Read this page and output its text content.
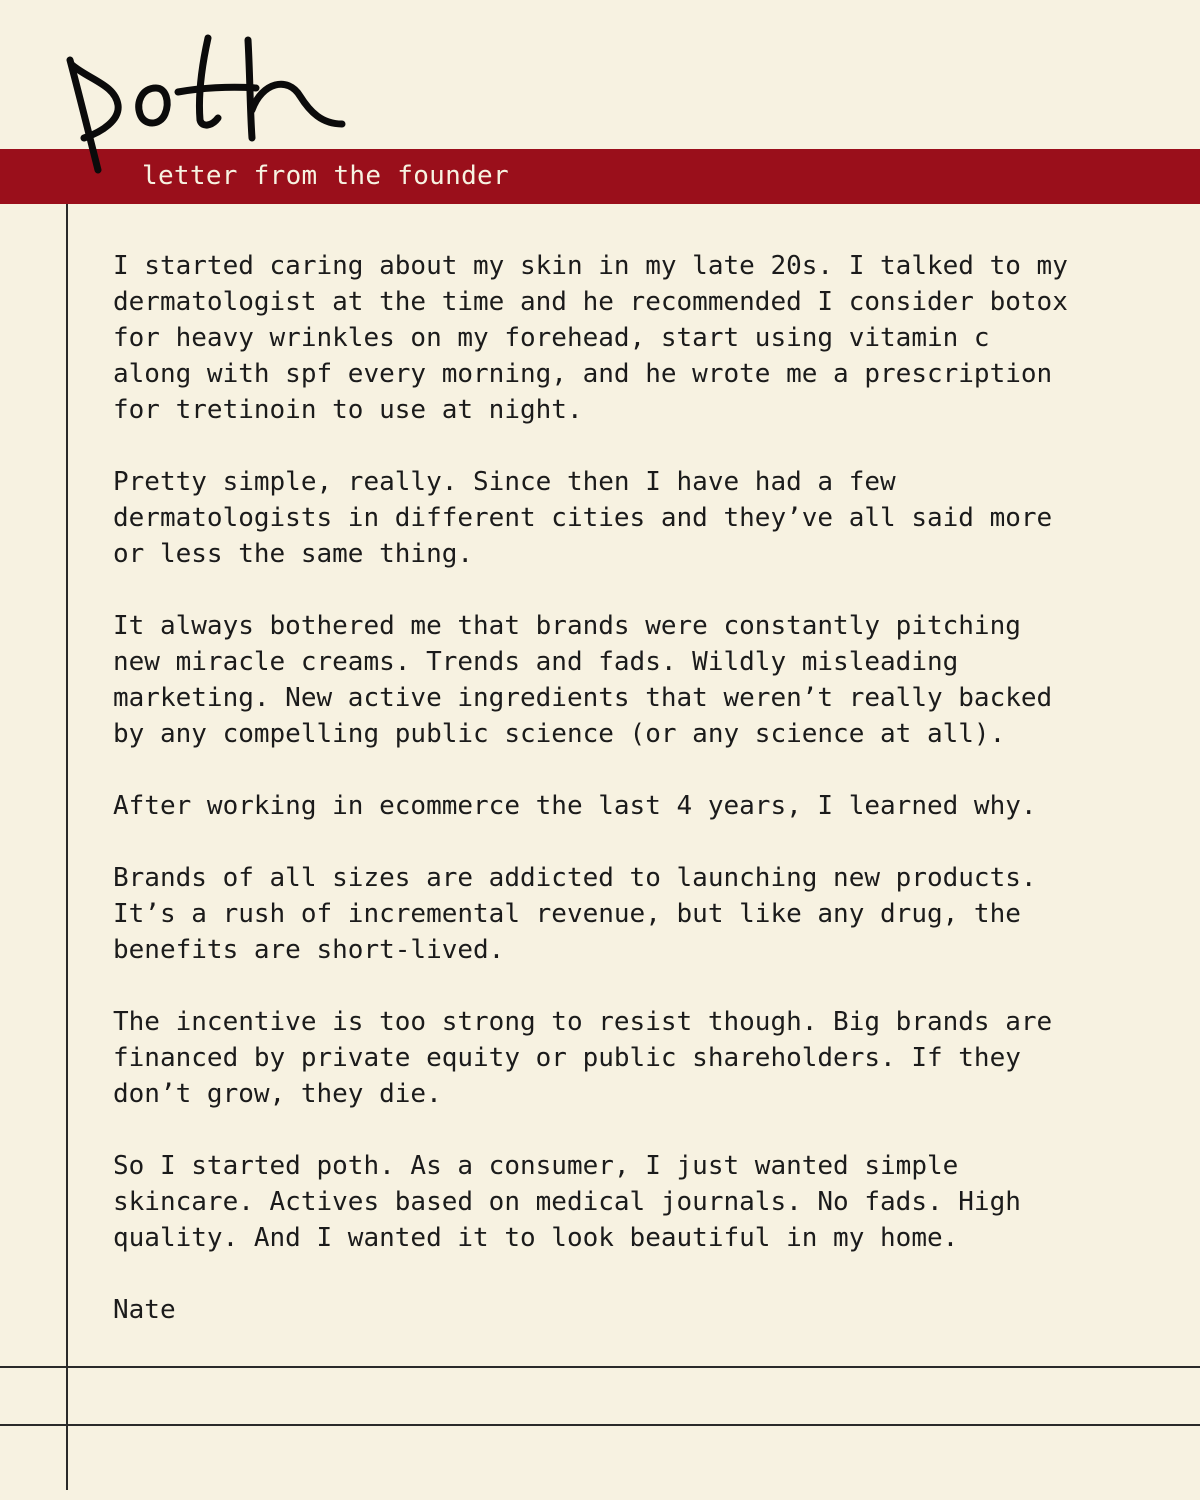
letter from the founder

I started caring about my skin in my late 20s. I talked to my
dermatologist at the time and he recommended I consider botox
for heavy wrinkles on my forehead, start using vitamin c
along with spf every morning, and he wrote me a prescription
for tretinoin to use at night.

Pretty simple, really. Since then I have had a few
dermatologists in different cities and they’ve all said more
or less the same thing.

It always bothered me that brands were constantly pitching
new miracle creams. Trends and fads. Wildly misleading
marketing. New active ingredients that weren’t really backed
by any compelling public science (or any science at all).

After working in ecommerce the last 4 years, I learned why.

Brands of all sizes are addicted to launching new products.
It’s a rush of incremental revenue, but like any drug, the
benefits are short-lived.

The incentive is too strong to resist though. Big brands are
financed by private equity or public shareholders. If they
don’t grow, they die.

So I started poth. As a consumer, I just wanted simple
skincare. Actives based on medical journals. No fads. High
quality. And I wanted it to look beautiful in my home.

Nate
